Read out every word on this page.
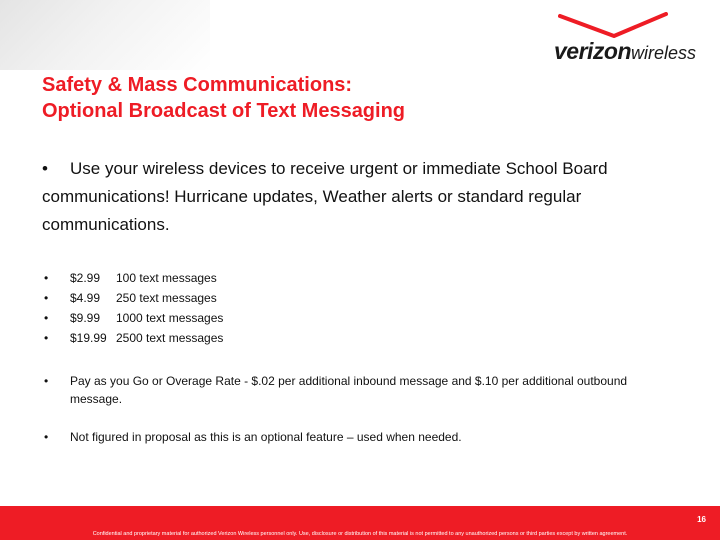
verizonwireless
Safety & Mass Communications:
Optional Broadcast of Text Messaging
• Use your wireless devices to receive urgent or immediate School Board communications! Hurricane updates, Weather alerts or standard regular communications.
• $2.99 100 text messages
• $4.99 250 text messages
• $9.99 1000 text messages
• $19.99 2500 text messages
• Pay as you Go or Overage Rate - $.02 per additional inbound message and $.10 per additional outbound message.
• Not figured in proposal as this is an optional feature – used when needed.
16
Confidential and proprietary material for authorized Verizon Wireless personnel only. Use, disclosure or distribution of this material is not permitted to any unauthorized persons or third parties except by written agreement.
